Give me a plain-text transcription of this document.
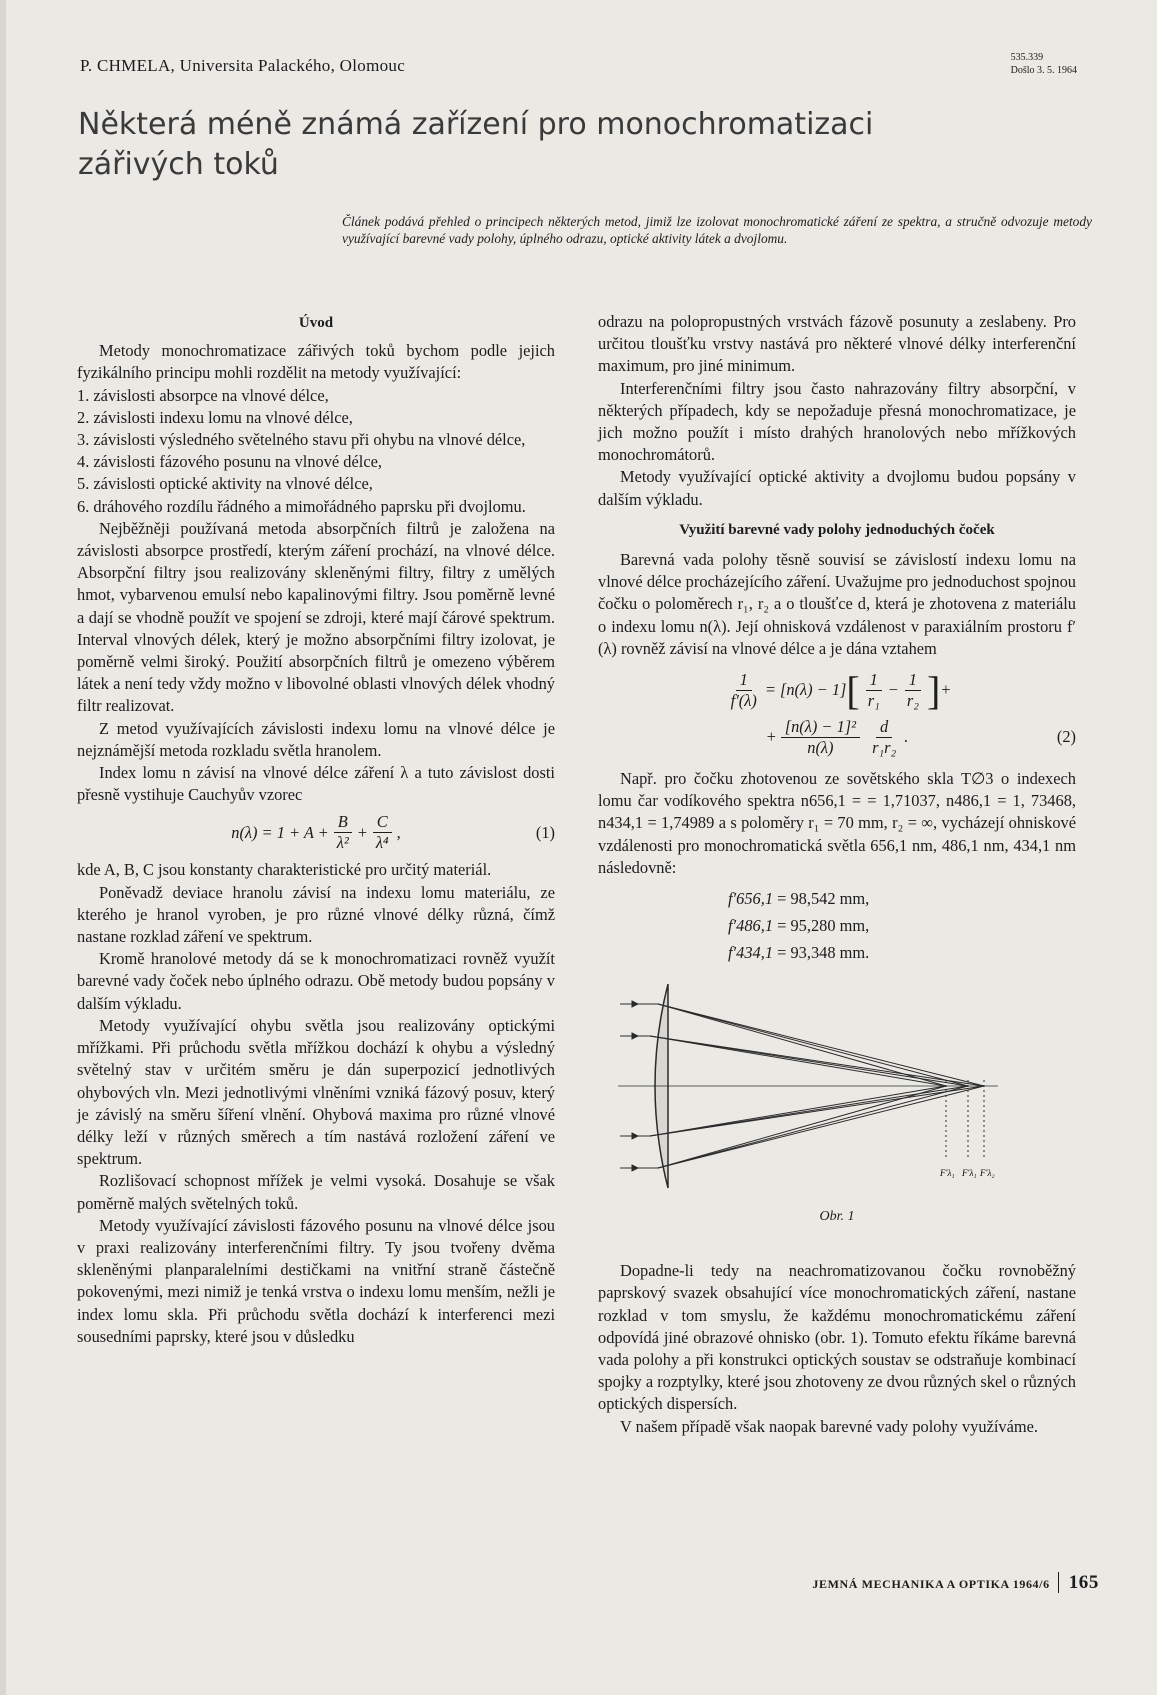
P. CHMELA, Universita Palackého, Olomouc	535.339
Došlo 3. 5. 1964
Některá méně známá zařízení pro monochromatizaci zářivých toků

Článek podává přehled o principech některých metod, jimiž lze izolovat monochromatické záření ze spektra, a stručně odvozuje metody využívající barevné vady polohy, úplného odrazu, optické aktivity látek a dvojlomu.

Úvod

Metody monochromatizace zářivých toků bychom podle jejich fyzikálního principu mohli rozdělit na metody využívající:

1. závislosti absorpce na vlnové délce,
2. závislosti indexu lomu na vlnové délce,
3. závislosti výsledného světelného stavu při ohybu na vlnové délce,
4. závislosti fázového posunu na vlnové délce,
5. závislosti optické aktivity na vlnové délce,
6. dráhového rozdílu řádného a mimořádného paprsku při dvojlomu.

Nejběžněji používaná metoda absorpčních filtrů je založena na závislosti absorpce prostředí, kterým záření prochází, na vlnové délce. Absorpční filtry jsou realizovány skleněnými filtry, filtry z umělých hmot, vybarvenou emulsí nebo kapalinovými filtry. Jsou poměrně levné a dají se vhodně použít ve spojení se zdroji, které mají čárové spektrum. Interval vlnových délek, který je možno absorpčními filtry izolovat, je poměrně velmi široký. Použití absorpčních filtrů je omezeno výběrem látek a není tedy vždy možno v libovolné oblasti vlnových délek vhodný filtr realizovat.

Z metod využívajících závislosti indexu lomu na vlnové délce je nejznámější metoda rozkladu světla hranolem.

Index lomu n závisí na vlnové délce záření λ a tuto závislost dosti přesně vystihuje Cauchyův vzorec

$n(\lambda) = 1 + A + \frac{B}{\text{λ²}} + \frac{C}{\text{λ⁴}}$ ,	(1)

kde A, B, C jsou konstanty charakteristické pro určitý materiál.

Poněvadž deviace hranolu závisí na indexu lomu materiálu, ze kterého je hranol vyroben, je pro různé vlnové délky různá, čímž nastane rozklad záření ve spektrum.

Kromě hranolové metody dá se k monochromatizaci rovněž využít barevné vady čoček nebo úplného odrazu. Obě metody budou popsány v dalším výkladu.

Metody využívající ohybu světla jsou realizovány optickými mřížkami. Při průchodu světla mřížkou dochází k ohybu a výsledný světelný stav v určitém směru je dán superpozicí jednotlivých ohybových vln. Mezi jednotlivými vlněními vzniká fázový posuv, který je závislý na směru šíření vlnění. Ohybová maxima pro různé vlnové délky leží v různých směrech a tím nastává rozložení záření ve spektrum.

Rozlišovací schopnost mřížek je velmi vysoká. Dosahuje se však poměrně malých světelných toků.

Metody využívající závislosti fázového posunu na vlnové délce jsou v praxi realizovány interferenčními filtry. Ty jsou tvořeny dvěma skleněnými planparalelními destičkami na vnitřní straně částečně pokovenými, mezi nimiž je tenká vrstva o indexu lomu menším, nežli je index lomu skla. Při průchodu světla dochází k interferenci mezi sousedními paprsky, které jsou v důsledku

odrazu na polopropustných vrstvách fázově posunuty a zeslabeny. Pro určitou tloušťku vrstvy nastává pro některé vlnové délky interferenční maximum, pro jiné minimum.

Interferenčními filtry jsou často nahrazovány filtry absorpční, v některých případech, kdy se nepožaduje přesná monochromatizace, je jich možno použít i místo drahých hranolových nebo mřížkových monochromátorů.

Metody využívající optické aktivity a dvojlomu budou popsány v dalším výkladu.

Využití barevné vady polohy jednoduchých čoček

Barevná vada polohy těsně souvisí se závislostí indexu lomu na vlnové délce procházejícího záření. Uvažujme pro jednoduchost spojnou čočku o poloměrech r₁, r₂ a o tloušťce d, která je zhotovena z materiálu o indexu lomu n(λ). Její ohnisková vzdálenost v paraxiálním prostoru f′(λ) rovněž závisí na vlnové délce a je dána vztahem

$\frac{1}{f'(\lambda)} = [n(\lambda) - 1]$ [ $\frac{1}{\text{r₁}} - \frac{1}{\text{r₂}}$ ] +
+ $\frac{\text{[n(λ) − 1]²}}{n(\lambda)} \frac{d}{\text{r₁r₂}}$ .	(2)

Např. pro čočku zhotovenou ze sovětského skla T∅3 o indexech lomu čar vodíkového spektra n656,1 = = 1,71037, n486,1 = 1, 73468, n434,1 = 1,74989 a s poloměry r₁ = 70 mm, r₂ = ∞, vycházejí ohniskové vzdálenosti pro monochromatická světla 656,1 nm, 486,1 nm, 434,1 nm následovně:

f′656,1 = 98,542 mm,
f′486,1 = 95,280 mm,
f′434,1 = 93,348 mm.
F′λ₁ F′λ₁ F′λ₂
Obr. 1

Dopadne-li tedy na neachromatizovanou čočku rovnoběžný paprskový svazek obsahující více monochromatických záření, nastane rozklad v tom smyslu, že každému monochromatickému záření odpovídá jiné obrazové ohnisko (obr. 1). Tomuto efektu říkáme barevná vada polohy a při konstrukci optických soustav se odstraňuje kombinací spojky a rozptylky, které jsou zhotoveny ze dvou různých skel o různých optických dispersích.

V našem případě však naopak barevné vady polohy využíváme.

JEMNÁ MECHANIKA A OPTIKA 1964/6 165
